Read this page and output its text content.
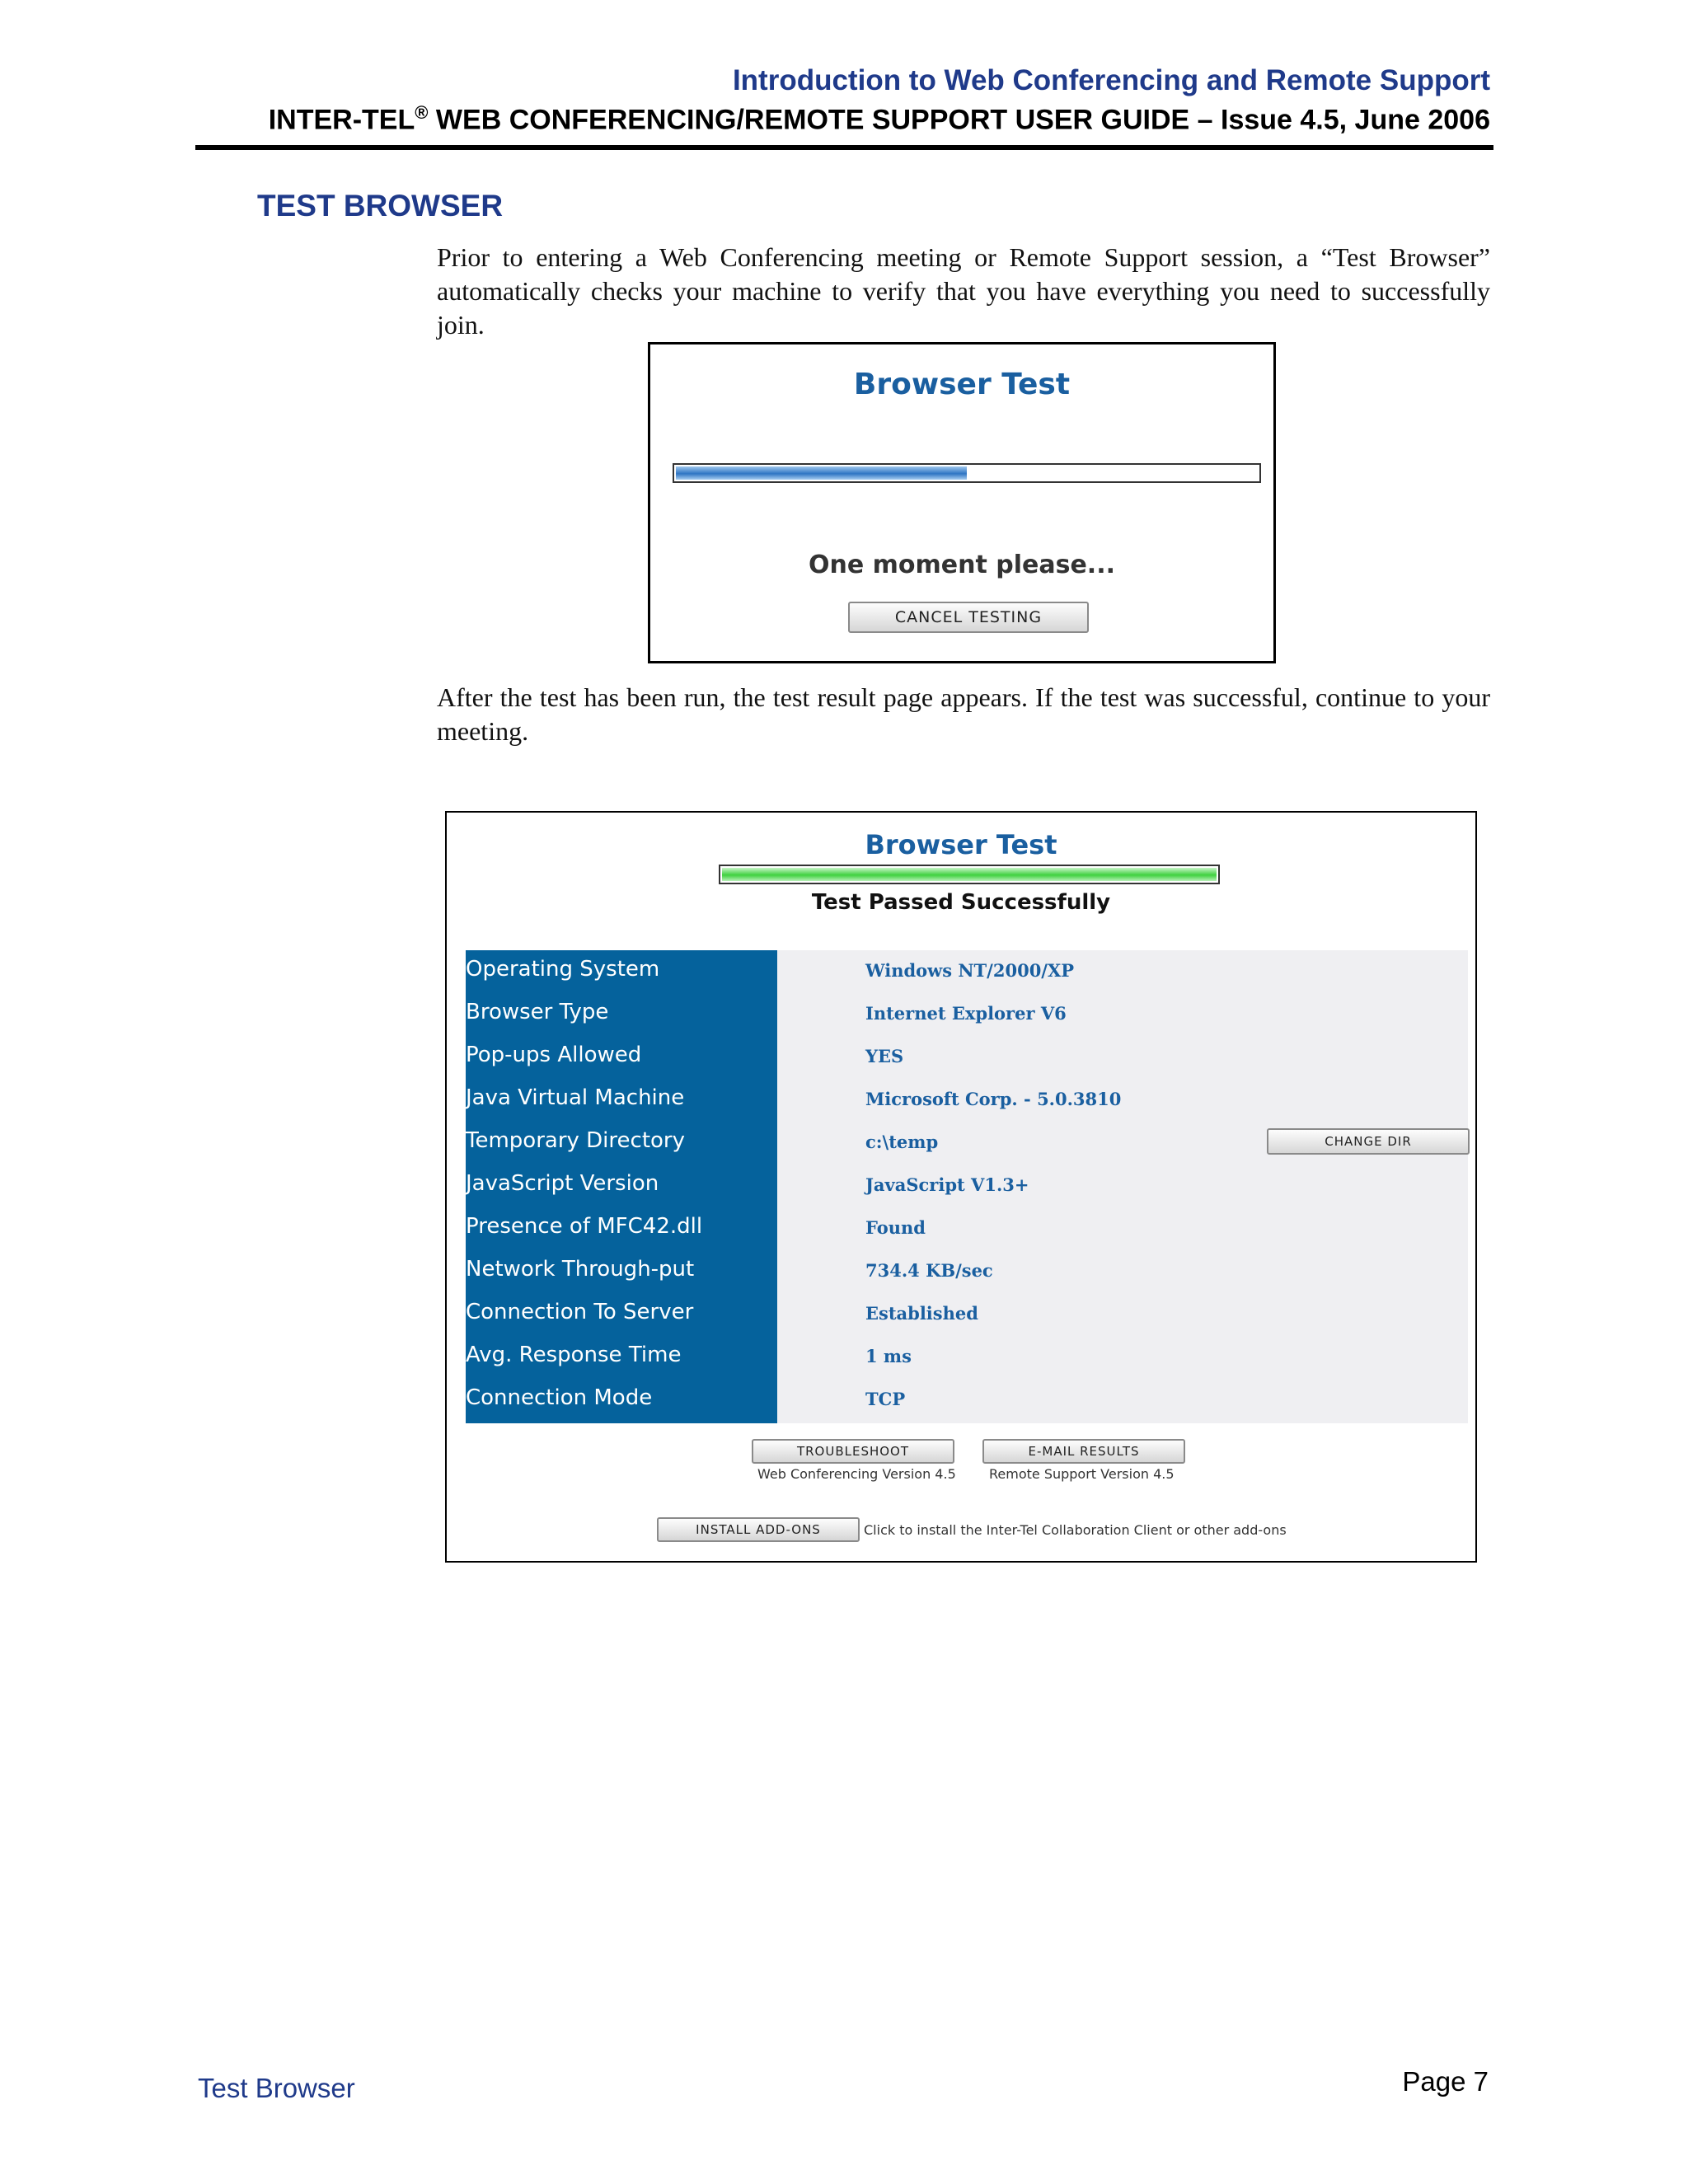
Introduction to Web Conferencing and Remote Support
INTER-TEL® WEB CONFERENCING/REMOTE SUPPORT USER GUIDE – Issue 4.5, June 2006
TEST BROWSER
Prior to entering a Web Conferencing meeting or Remote Support session, a “Test Browser” automatically checks your machine to verify that you have everything you need to successfully join.
Browser Test
One moment please...
CANCEL TESTING
After the test has been run, the test result page appears. If the test was successful, continue to your meeting.
Browser Test
Test Passed Successfully
Operating System	Windows NT/2000/XP
Browser Type	Internet Explorer V6
Pop-ups Allowed	YES
Java Virtual Machine	Microsoft Corp. - 5.0.3810
Temporary Directory	c:\temp	CHANGE DIR
JavaScript Version	JavaScript V1.3+
Presence of MFC42.dll	Found
Network Through-put	734.4 KB/sec
Connection To Server	Established
Avg. Response Time	1 ms
Connection Mode	TCP
TROUBLESHOOT	E-MAIL RESULTS
Web Conferencing Version 4.5	Remote Support Version 4.5
INSTALL ADD-ONS	Click to install the Inter-Tel Collaboration Client or other add-ons
Test Browser	Page 7
